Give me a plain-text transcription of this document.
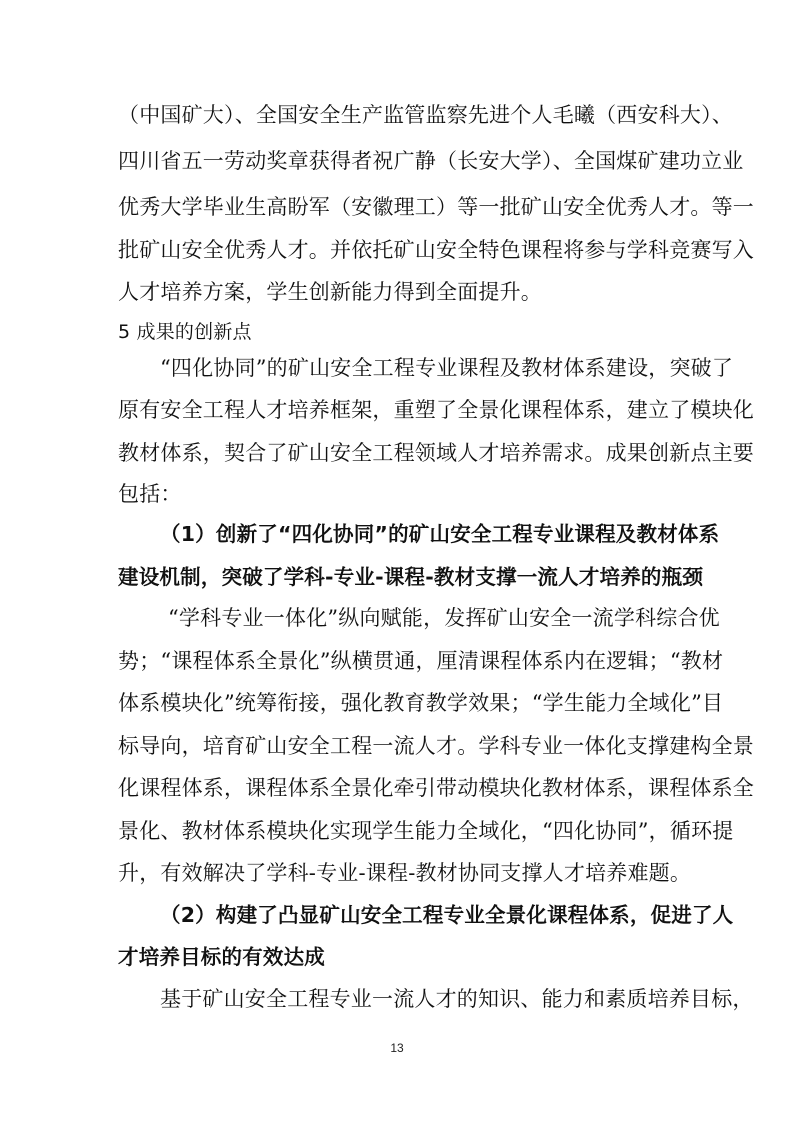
（中国矿大）、全国安全生产监管监察先进个人毛曦（西安科大）、
四川省五一劳动奖章获得者祝广静（长安大学）、全国煤矿建功立业
优秀大学毕业生高盼军（安徽理工）等一批矿山安全优秀人才。等一
批矿山安全优秀人才。并依托矿山安全特色课程将参与学科竞赛写入
人才培养方案，学生创新能力得到全面提升。
5 成果的创新点
“四化协同”的矿山安全工程专业课程及教材体系建设，突破了
原有安全工程人才培养框架，重塑了全景化课程体系，建立了模块化
教材体系，契合了矿山安全工程领域人才培养需求。成果创新点主要
包括：
（1）创新了“四化协同”的矿山安全工程专业课程及教材体系
建设机制，突破了学科-专业-课程-教材支撑一流人才培养的瓶颈
“学科专业一体化”纵向赋能，发挥矿山安全一流学科综合优
势；“课程体系全景化”纵横贯通，厘清课程体系内在逻辑；“教材
体系模块化”统筹衔接，强化教育教学效果；“学生能力全域化”目
标导向，培育矿山安全工程一流人才。学科专业一体化支撑建构全景
化课程体系，课程体系全景化牵引带动模块化教材体系，课程体系全
景化、教材体系模块化实现学生能力全域化，“四化协同”，循环提
升，有效解决了学科-专业-课程-教材协同支撑人才培养难题。
（2）构建了凸显矿山安全工程专业全景化课程体系，促进了人
才培养目标的有效达成
基于矿山安全工程专业一流人才的知识、能力和素质培养目标，
13
